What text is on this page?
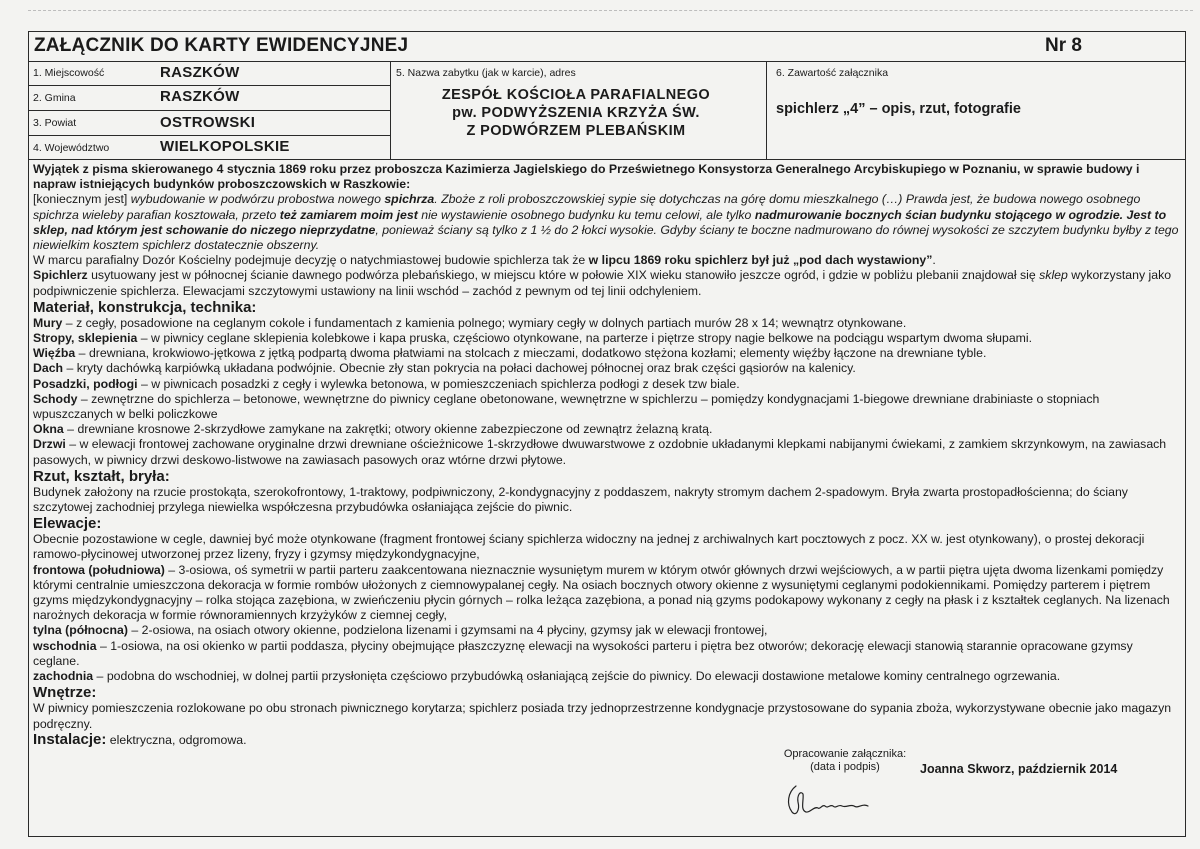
ZAŁĄCZNIK DO KARTY EWIDENCYJNEJ	Nr 8
1. Miejscowość	RASZKÓW
2. Gmina	RASZKÓW
3. Powiat	OSTROWSKI
4. Województwo	WIELKOPOLSKIE
5. Nazwa zabytku (jak w karcie), adres
ZESPÓŁ KOŚCIOŁA PARAFIALNEGO
pw. PODWYŻSZENIA KRZYŻA ŚW.
Z PODWÓRZEM PLEBAŃSKIM
6. Zawartość załącznika
spichlerz „4” – opis, rzut, fotografie

Wyjątek z pisma skierowanego 4 stycznia 1869 roku przez proboszcza Kazimierza Jagielskiego do Prześwietnego Konsystorza Generalnego Arcybiskupiego w Poznaniu, w sprawie budowy i napraw istniejących budynków proboszczowskich w Raszkowie:

[koniecznym jest] wybudowanie w podwórzu probostwa nowego spichrza. Zboże z roli proboszczowskiej sypie się dotychczas na górę domu mieszkalnego (…) Prawda jest, że budowa nowego osobnego spichrza wieleby parafian kosztowała, przeto też zamiarem moim jest nie wystawienie osobnego budynku ku temu celowi, ale tylko nadmurowanie bocznych ścian budynku stojącego w ogrodzie. Jest to sklep, nad którym jest schowanie do niczego nieprzydatne, ponieważ ściany są tylko z 1 ½ do 2 łokci wysokie. Gdyby ściany te boczne nadmurowano do równej wysokości ze szczytem budynku byłby z tego niewielkim kosztem spichlerz dostatecznie obszerny.

W marcu parafialny Dozór Kościelny podejmuje decyzję o natychmiastowej budowie spichlerza tak że w lipcu 1869 roku spichlerz był już „pod dach wystawiony”.

Spichlerz usytuowany jest w północnej ścianie dawnego podwórza plebańskiego, w miejscu które w połowie XIX wieku stanowiło jeszcze ogród, i gdzie w pobliżu plebanii znajdował się sklep wykorzystany jako podpiwniczenie spichlerza. Elewacjami szczytowymi ustawiony na linii wschód – zachód z pewnym od tej linii odchyleniem.

Materiał, konstrukcja, technika:

Mury – z cegły, posadowione na ceglanym cokole i fundamentach z kamienia polnego; wymiary cegły w dolnych partiach murów 28 x 14; wewnątrz otynkowane.

Stropy, sklepienia – w piwnicy ceglane sklepienia kolebkowe i kapa pruska, częściowo otynkowane, na parterze i piętrze stropy nagie belkowe na podciągu wspartym dwoma słupami.

Więźba – drewniana, krokwiowo-jętkowa z jętką podpartą dwoma płatwiami na stolcach z mieczami, dodatkowo stężona kozłami; elementy więźby łączone na drewniane tyble.

Dach – kryty dachówką karpiówką układana podwójnie. Obecnie zły stan pokrycia na połaci dachowej północnej oraz brak części gąsiorów na kalenicy.

Posadzki, podłogi – w piwnicach posadzki z cegły i wylewka betonowa, w pomieszczeniach spichlerza podłogi z desek tzw biale.

Schody – zewnętrzne do spichlerza – betonowe, wewnętrzne do piwnicy ceglane obetonowane, wewnętrzne w spichlerzu – pomiędzy kondygnacjami 1-biegowe drewniane drabiniaste o stopniach wpuszczanych w belki policzkowe

Okna – drewniane krosnowe 2-skrzydłowe zamykane na zakrętki; otwory okienne zabezpieczone od zewnątrz żelazną kratą.

Drzwi – w elewacji frontowej zachowane oryginalne drzwi drewniane ościeżnicowe 1-skrzydłowe dwuwarstwowe z ozdobnie układanymi klepkami nabijanymi ćwiekami, z zamkiem skrzynkowym, na zawiasach pasowych, w piwnicy drzwi deskowo-listwowe na zawiasach pasowych oraz wtórne drzwi płytowe.

Rzut, kształt, bryła:

Budynek założony na rzucie prostokąta, szerokofrontowy, 1-traktowy, podpiwniczony, 2-kondygnacyjny z poddaszem, nakryty stromym dachem 2-spadowym. Bryła zwarta prostopadłościenna; do ściany szczytowej zachodniej przylega niewielka współczesna przybudówka osłaniająca zejście do piwnic.

Elewacje:

Obecnie pozostawione w cegle, dawniej być może otynkowane (fragment frontowej ściany spichlerza widoczny na jednej z archiwalnych kart pocztowych z pocz. XX w. jest otynkowany), o prostej dekoracji ramowo-płycinowej utworzonej przez lizeny, fryzy i gzymsy międzykondygnacyjne,

frontowa (południowa) – 3-osiowa, oś symetrii w partii parteru zaakcentowana nieznacznie wysuniętym murem w którym otwór głównych drzwi wejściowych, a w partii piętra ujęta dwoma lizenkami pomiędzy którymi centralnie umieszczona dekoracja w formie rombów ułożonych z ciemnowypalanej cegły. Na osiach bocznych otwory okienne z wysuniętymi ceglanymi podokiennikami. Pomiędzy parterem i piętrem gzyms międzykondygnacyjny – rolka stojąca zazębiona, w zwieńczeniu płycin górnych – rolka leżąca zazębiona, a ponad nią gzyms podokapowy wykonany z cegły na płask i z kształtek ceglanych. Na lizenach narożnych dekoracja w formie równoramiennych krzyżyków z ciemnej cegły,

tylna (północna) – 2-osiowa, na osiach otwory okienne, podzielona lizenami i gzymsami na 4 płyciny, gzymsy jak w elewacji frontowej,

wschodnia – 1-osiowa, na osi okienko w partii poddasza, płyciny obejmujące płaszczyznę elewacji na wysokości parteru i piętra bez otworów; dekorację elewacji stanowią starannie opracowane gzymsy ceglane.

zachodnia – podobna do wschodniej, w dolnej partii przysłonięta częściowo przybudówką osłaniającą zejście do piwnicy. Do elewacji dostawione metalowe kominy centralnego ogrzewania.

Wnętrze:

W piwnicy pomieszczenia rozlokowane po obu stronach piwnicznego korytarza; spichlerz posiada trzy jednoprzestrzenne kondygnacje przystosowane do sypania zboża, wykorzystywane obecnie jako magazyn podręczny.

Instalacje: elektryczna, odgromowa.

Opracowanie załącznika:
(data i podpis)	Joanna Skworz, październik 2014
